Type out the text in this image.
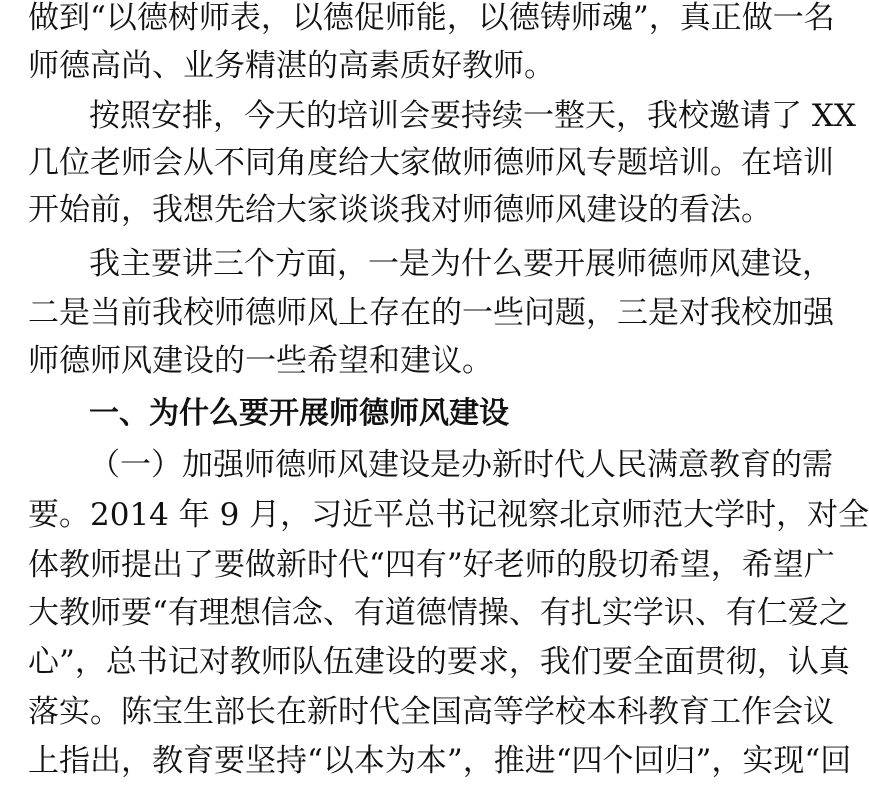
做到“以德树师表，以德促师能，以德铸师魂”，真正做一名
师德高尚、业务精湛的高素质好教师。
按照安排，今天的培训会要持续一整天，我校邀请了 XX
几位老师会从不同角度给大家做师德师风专题培训。在培训
开始前，我想先给大家谈谈我对师德师风建设的看法。
我主要讲三个方面，一是为什么要开展师德师风建设，
二是当前我校师德师风上存在的一些问题，三是对我校加强
师德师风建设的一些希望和建议。
一、为什么要开展师德师风建设
（一）加强师德师风建设是办新时代人民满意教育的需
要。2014 年 9 月，习近平总书记视察北京师范大学时，对全
体教师提出了要做新时代“四有”好老师的殷切希望，希望广
大教师要“有理想信念、有道德情操、有扎实学识、有仁爱之
心”，总书记对教师队伍建设的要求，我们要全面贯彻，认真
落实。陈宝生部长在新时代全国高等学校本科教育工作会议
上指出，教育要坚持“以本为本”，推进“四个回归”，实现“回
